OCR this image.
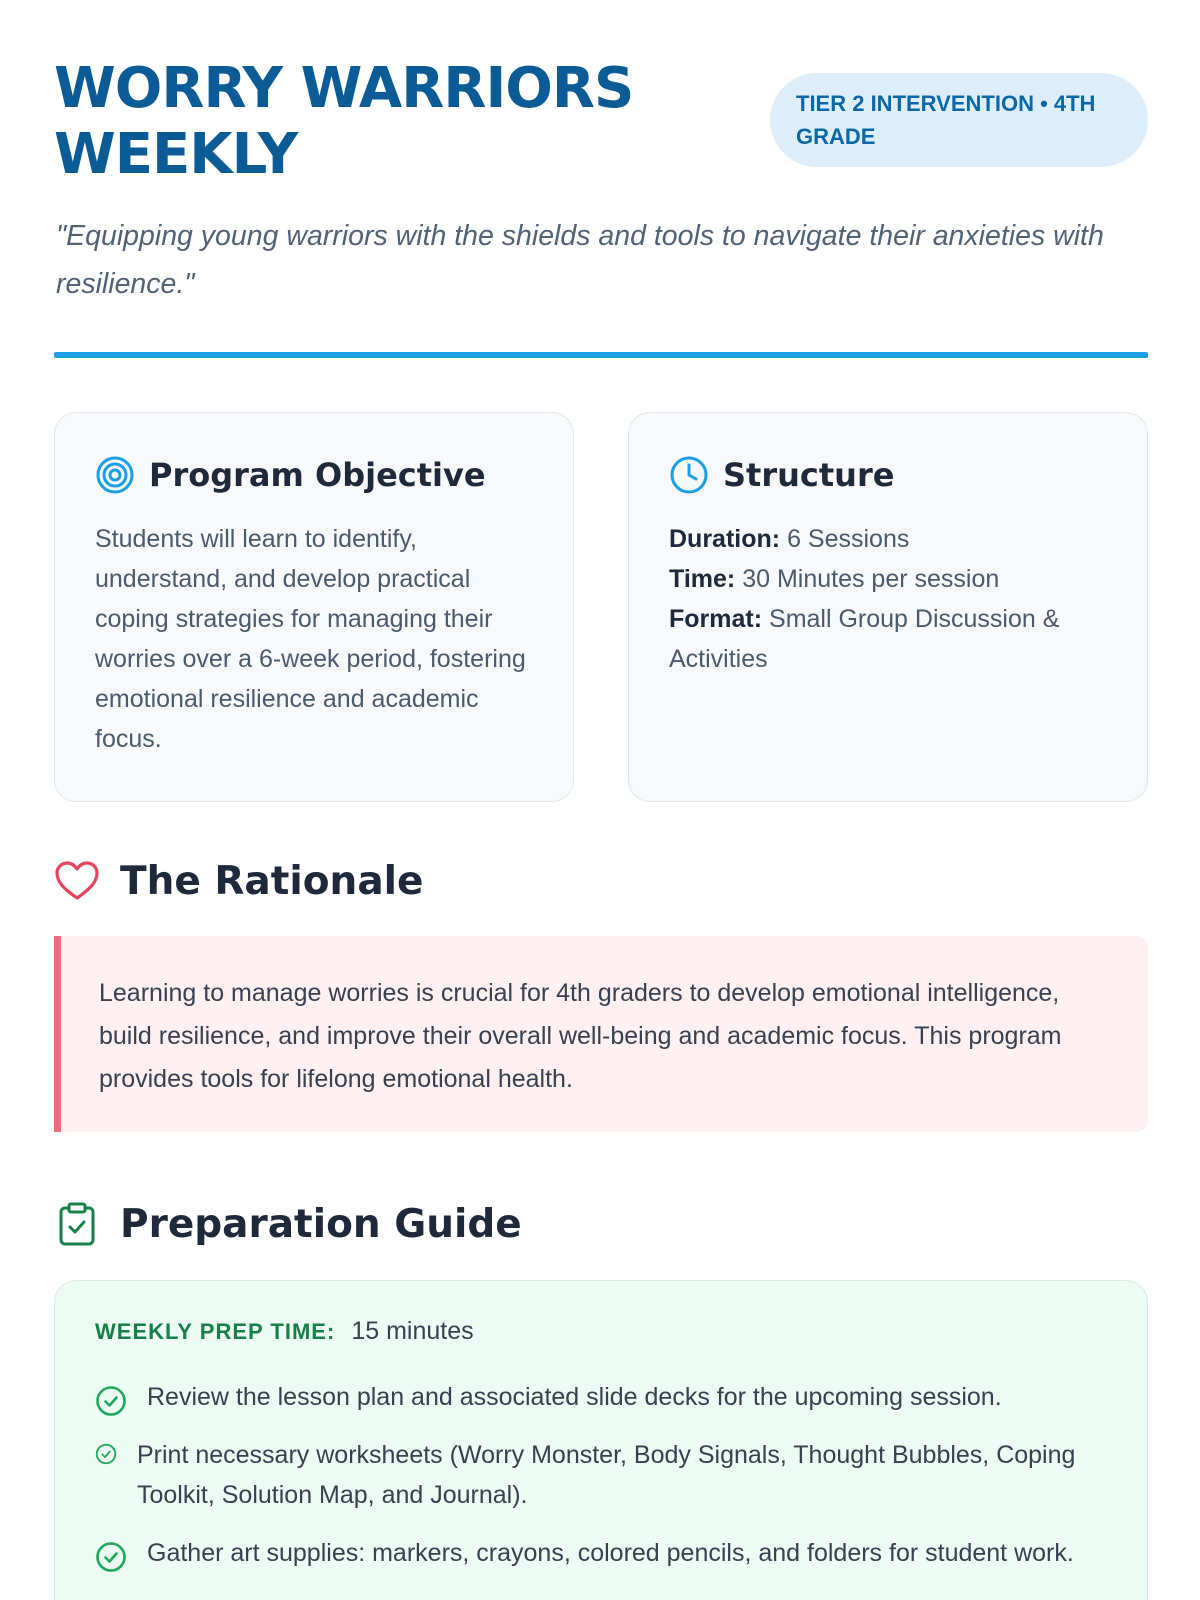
WORRY WARRIORS WEEKLY
TIER 2 INTERVENTION • 4TH GRADE

"Equipping young warriors with the shields and tools to navigate their anxieties with resilience."

Program Objective

Students will learn to identify, understand, and develop practical coping strategies for managing their worries over a 6-week period, fostering emotional resilience and academic focus.

Structure
Duration: 6 Sessions
Time: 30 Minutes per session
Format: Small Group Discussion & Activities
The Rationale

Learning to manage worries is crucial for 4th graders to develop emotional intelligence, build resilience, and improve their overall well-being and academic focus. This program provides tools for lifelong emotional health.

Preparation Guide
WEEKLY PREP TIME: 15 minutes
Review the lesson plan and associated slide decks for the upcoming session.
Print necessary worksheets (Worry Monster, Body Signals, Thought Bubbles, Coping Toolkit, Solution Map, and Journal).
Gather art supplies: markers, crayons, colored pencils, and folders for student work.
